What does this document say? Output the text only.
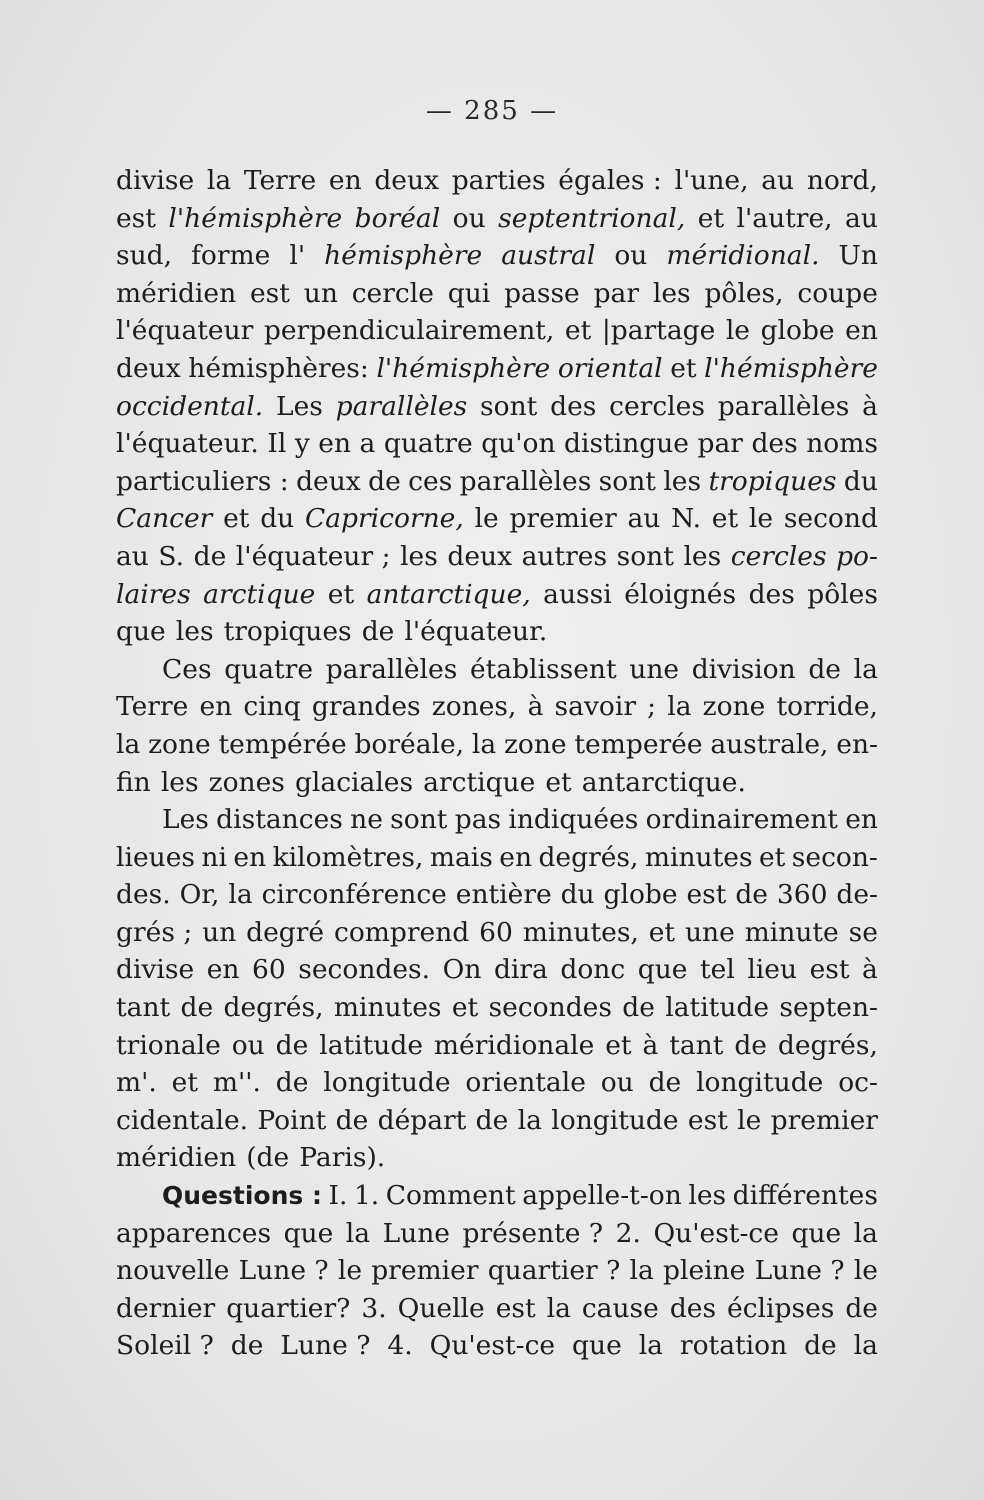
— 285 —
divise la Terre en deux parties égales : l'une, au nord,
est l'hémisphère boréal ou septentrional, et l'autre, au
sud, forme l' hémisphère austral ou méridional. Un
méridien est un cercle qui passe par les pôles, coupe
l'équateur perpendiculairement, et |partage le globe en
deux hémisphères: l'hémisphère oriental et l'hémisphère
occidental. Les parallèles sont des cercles parallèles à
l'équateur. Il y en a quatre qu'on distingue par des noms
particuliers : deux de ces parallèles sont les tropiques du
Cancer et du Capricorne, le premier au N. et le second
au S. de l'équateur ; les deux autres sont les cercles po-
laires arctique et antarctique, aussi éloignés des pôles
que les tropiques de l'équateur.
Ces quatre parallèles établissent une division de la
Terre en cinq grandes zones, à savoir ; la zone torride,
la zone tempérée boréale, la zone temperée australe, en-
fin les zones glaciales arctique et antarctique.
Les distances ne sont pas indiquées ordinairement en
lieues ni en kilomètres, mais en degrés, minutes et secon-
des. Or, la circonférence entière du globe est de 360 de-
grés ; un degré comprend 60 minutes, et une minute se
divise en 60 secondes. On dira donc que tel lieu est à
tant de degrés, minutes et secondes de latitude septen-
trionale ou de latitude méridionale et à tant de degrés,
m'. et m''. de longitude orientale ou de longitude oc-
cidentale. Point de départ de la longitude est le premier
méridien (de Paris).
Questions : I. 1. Comment appelle-t-on les différentes
apparences que la Lune présente ? 2. Qu'est-ce que la
nouvelle Lune ? le premier quartier ? la pleine Lune ? le
dernier quartier? 3. Quelle est la cause des éclipses de
Soleil ? de Lune ? 4. Qu'est-ce que la rotation de la
